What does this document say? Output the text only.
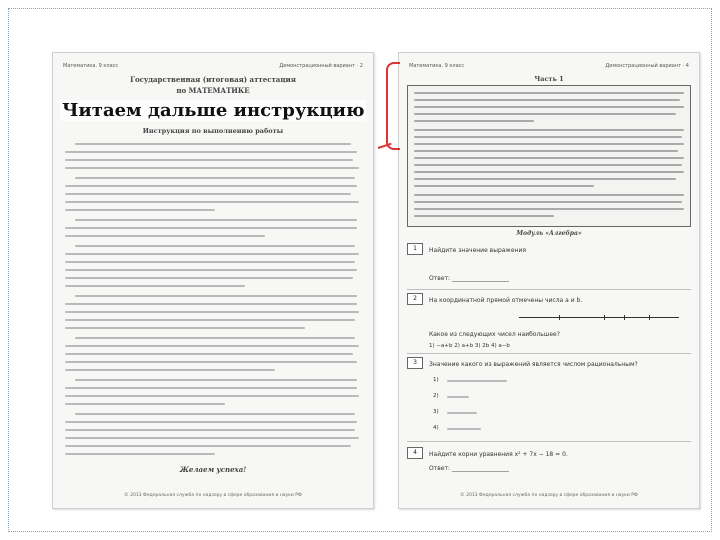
Математика. 9 класс	Демонстрационный вариант · 2
Государственная (итоговая) аттестация
по МАТЕМАТИКЕ
Инструкция по выполнению работы
Желаем успеха!
© 2013 Федеральная служба по надзору в сфере образования и науки РФ
Математика. 9 класс	Демонстрационный вариант · 4
Часть 1
Модуль «Алгебра»
1	Найдите значение выражения
Ответ: ___________________
2	На координатной прямой отмечены числа a и b.
Какое из следующих чисел наибольшее?
1) −a+b 2) a+b 3) 2b 4) a−b
3	Значение какого из выражений является числом рациональным?
1)
2)
3)
4)
4	Найдите корни уравнения x² + 7x − 18 = 0.
Ответ: ___________________
© 2013 Федеральная служба по надзору в сфере образования и науки РФ
Читаем дальше инструкцию
